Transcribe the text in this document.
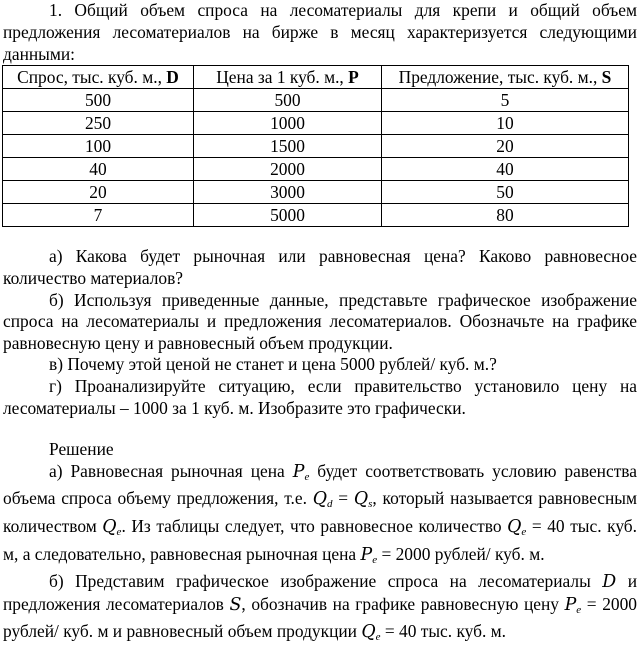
1. Общий объем спроса на лесоматериалы для крепи и общий объем предложения лесоматериалов на бирже в месяц характеризуется следующими данными:

Спрос, тыс. куб. м., D	Цена за 1 куб. м., P	Предложение, тыс. куб. м., S
500	500	5
250	1000	10
100	1500	20
40	2000	40
20	3000	50
7	5000	80

а) Какова будет рыночная или равновесная цена? Каково равновесное количество материалов?

б) Используя приведенные данные, представьте графическое изображение спроса на лесоматериалы и предложения лесоматериалов. Обозначьте на графике равновесную цену и равновесный объем продукции.

в) Почему этой ценой не станет и цена 5000 рублей/ куб. м.?

г) Проанализируйте ситуацию, если правительство установило цену на лесоматериалы – 1000 за 1 куб. м. Изобразите это графически.

Решение

а) Равновесная рыночная цена $P_e$ будет соответствовать условию равенства объема спроса объему предложения, т.е. $Q_d = Q_s$, который называется равновесным количеством $Q_e$. Из таблицы следует, что равновесное количество $Q_e = 40$ тыс. куб. м, а следовательно, равновесная рыночная цена $P_e = 2000$ рублей/ куб. м.

б) Представим графическое изображение спроса на лесоматериалы D и предложения лесоматериалов S, обозначив на графике равновесную цену $P_e = 2000$ рублей/ куб. м и равновесный объем продукции $Q_e = 40$ тыс. куб. м.
